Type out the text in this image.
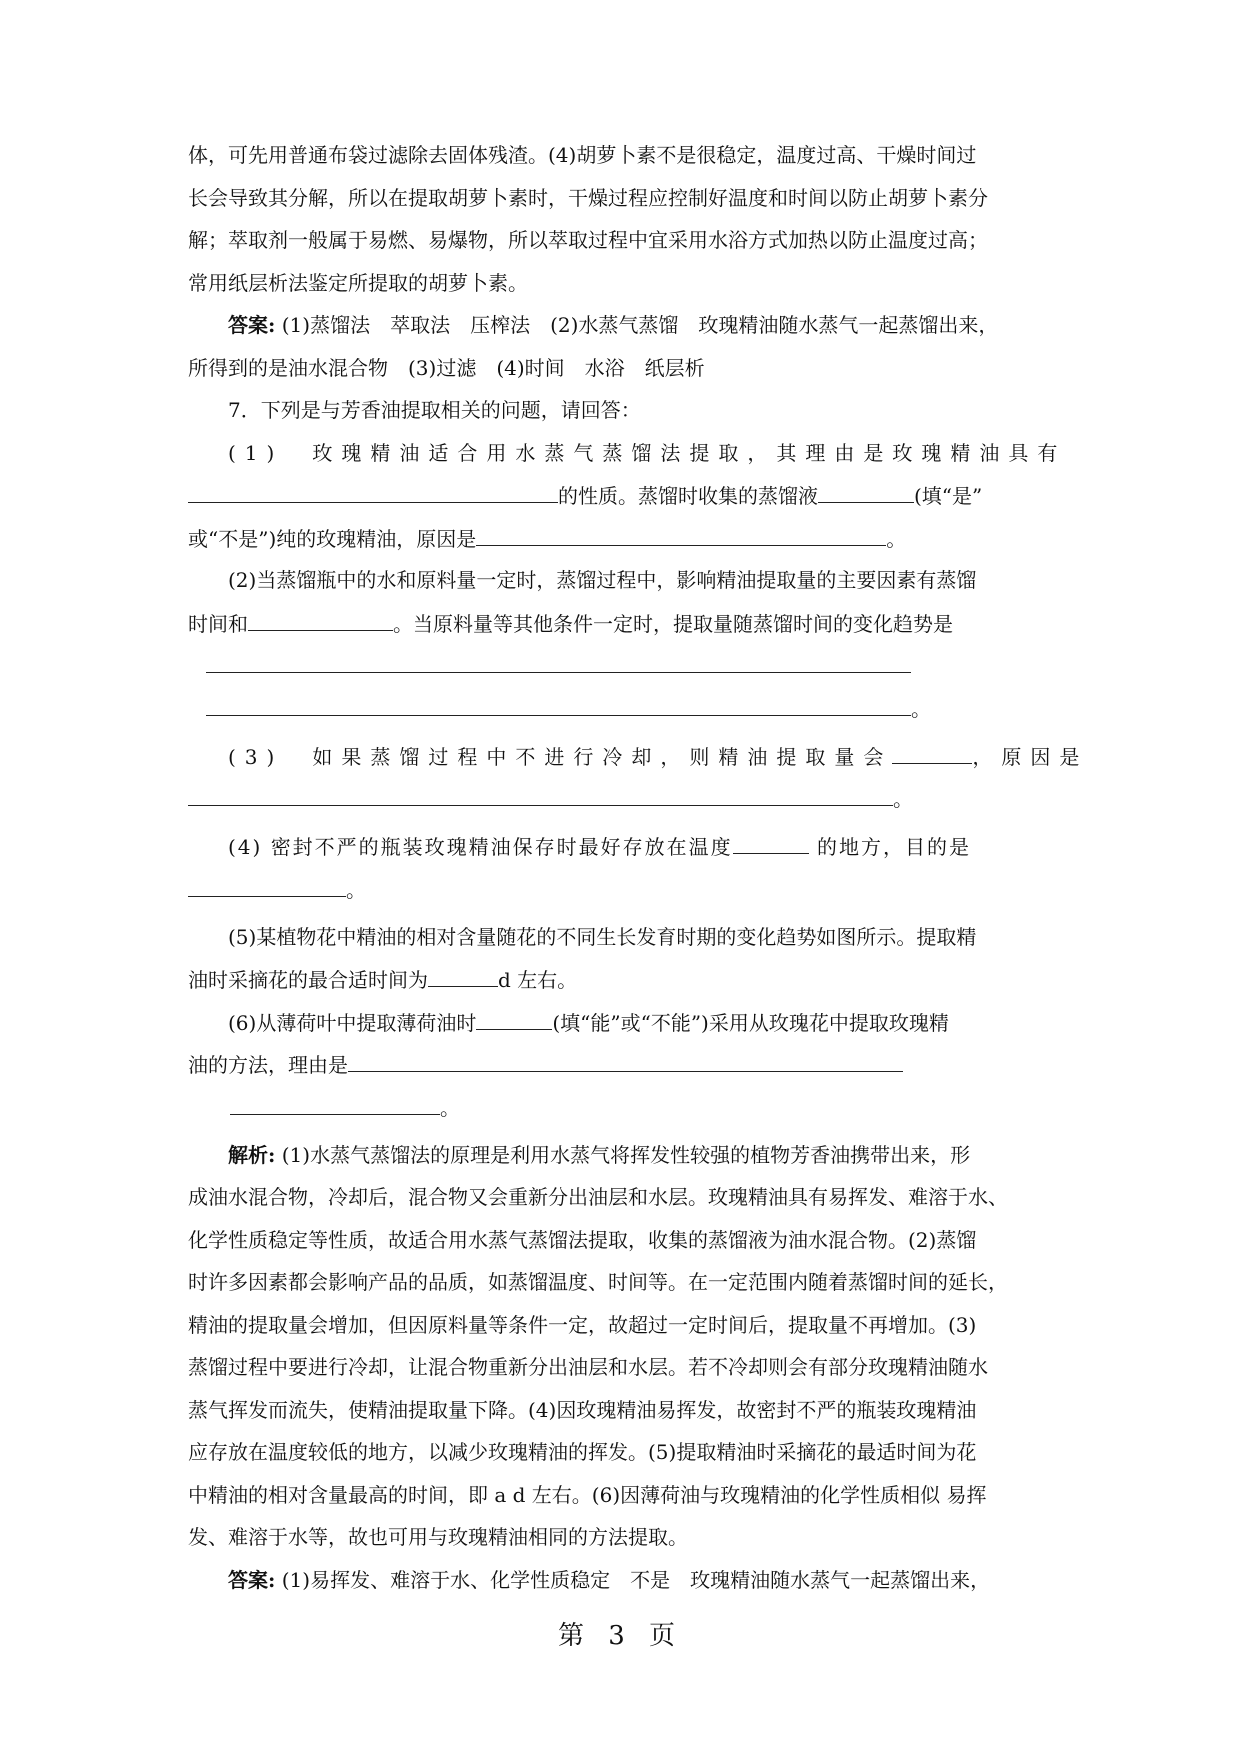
体，可先用普通布袋过滤除去固体残渣。(4)胡萝卜素不是很稳定，温度过高、干燥时间过
长会导致其分解，所以在提取胡萝卜素时，干燥过程应控制好温度和时间以防止胡萝卜素分
解；萃取剂一般属于易燃、易爆物，所以萃取过程中宜采用水浴方式加热以防止温度过高；
常用纸层析法鉴定所提取的胡萝卜素。
答案: (1)蒸馏法　萃取法　压榨法　(2)水蒸气蒸馏　玫瑰精油随水蒸气一起蒸馏出来，
所得到的是油水混合物　(3)过滤　(4)时间　水浴　纸层析
7．下列是与芳香油提取相关的问题，请回答：
(1)　玫瑰精油适合用水蒸气蒸馏法提取，其理由是玫瑰精油具有
的性质。蒸馏时收集的蒸馏液	(填“是”
或“不是”)纯的玫瑰精油，原因是	。
(2)当蒸馏瓶中的水和原料量一定时，蒸馏过程中，影响精油提取量的主要因素有蒸馏
时间和	。当原料量等其他条件一定时，提取量随蒸馏时间的变化趋势是
。
(3)　如果蒸馏过程中不进行冷却，则精油提取量会	，原因是
。
(4) 密封不严的瓶装玫瑰精油保存时最好存放在温度	的地方，目的是
。
(5)某植物花中精油的相对含量随花的不同生长发育时期的变化趋势如图所示。提取精
油时采摘花的最合适时间为	d 左右。
(6)从薄荷叶中提取薄荷油时	(填“能”或“不能”)采用从玫瑰花中提取玫瑰精
油的方法，理由是
。
解析: (1)水蒸气蒸馏法的原理是利用水蒸气将挥发性较强的植物芳香油携带出来，形
成油水混合物，冷却后，混合物又会重新分出油层和水层。玫瑰精油具有易挥发、难溶于水、
化学性质稳定等性质，故适合用水蒸气蒸馏法提取，收集的蒸馏液为油水混合物。(2)蒸馏
时许多因素都会影响产品的品质，如蒸馏温度、时间等。在一定范围内随着蒸馏时间的延长，
精油的提取量会增加，但因原料量等条件一定，故超过一定时间后，提取量不再增加。(3)
蒸馏过程中要进行冷却，让混合物重新分出油层和水层。若不冷却则会有部分玫瑰精油随水
蒸气挥发而流失，使精油提取量下降。(4)因玫瑰精油易挥发，故密封不严的瓶装玫瑰精油
应存放在温度较低的地方，以减少玫瑰精油的挥发。(5)提取精油时采摘花的最适时间为花
中精油的相对含量最高的时间，即 a d 左右。(6)因薄荷油与玫瑰精油的化学性质相似 易挥
发、难溶于水等，故也可用与玫瑰精油相同的方法提取。
答案: (1)易挥发、难溶于水、化学性质稳定　不是　玫瑰精油随水蒸气一起蒸馏出来，
第 3 页
